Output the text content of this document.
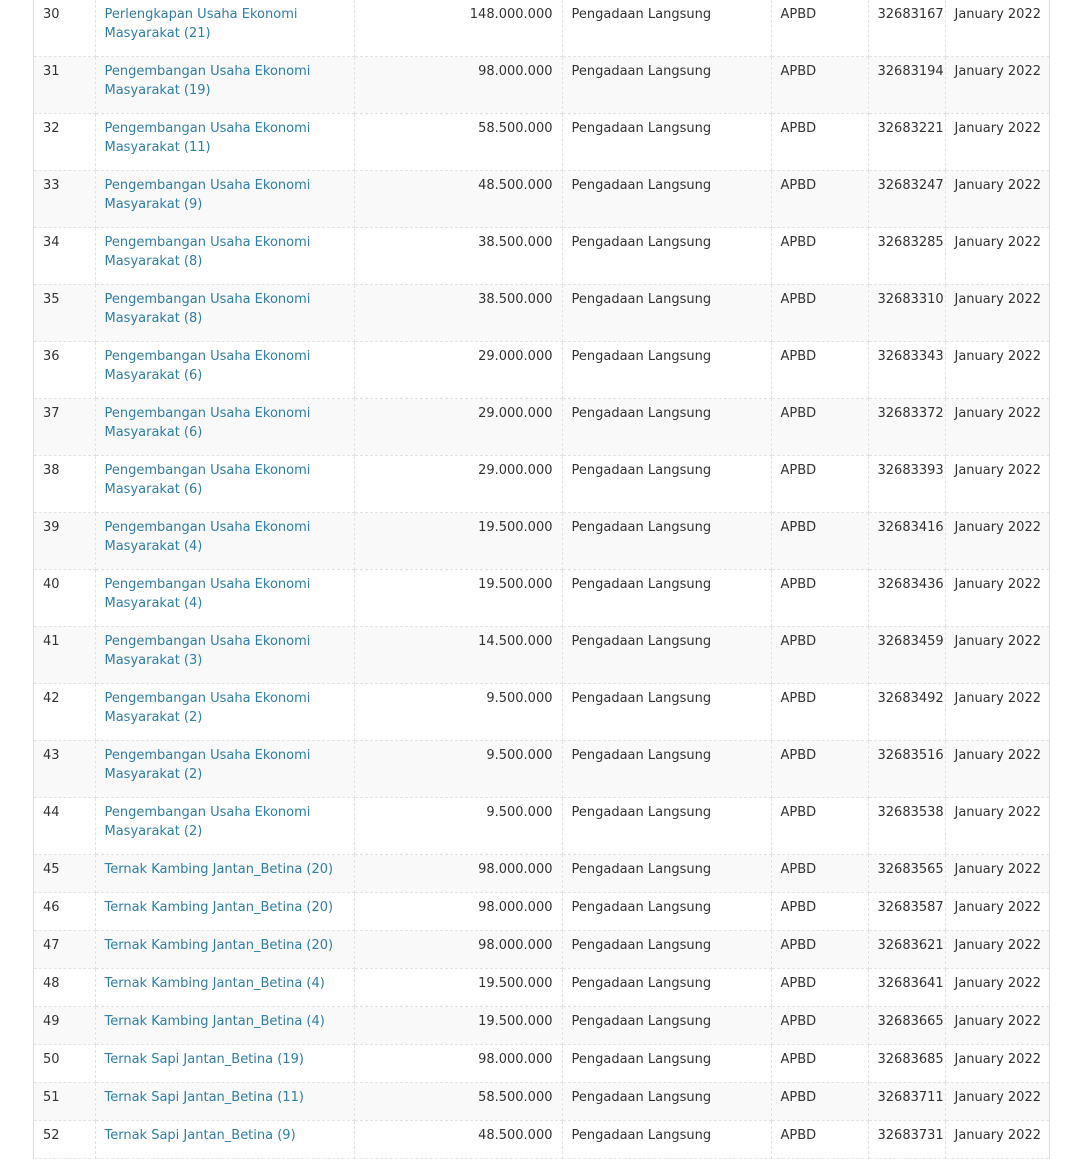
30	Perlengkapan Usaha Ekonomi Masyarakat (21)	148.000.000	Pengadaan Langsung	APBD	32683167	January 2022
31	Pengembangan Usaha Ekonomi Masyarakat (19)	98.000.000	Pengadaan Langsung	APBD	32683194	January 2022
32	Pengembangan Usaha Ekonomi Masyarakat (11)	58.500.000	Pengadaan Langsung	APBD	32683221	January 2022
33	Pengembangan Usaha Ekonomi Masyarakat (9)	48.500.000	Pengadaan Langsung	APBD	32683247	January 2022
34	Pengembangan Usaha Ekonomi Masyarakat (8)	38.500.000	Pengadaan Langsung	APBD	32683285	January 2022
35	Pengembangan Usaha Ekonomi Masyarakat (8)	38.500.000	Pengadaan Langsung	APBD	32683310	January 2022
36	Pengembangan Usaha Ekonomi Masyarakat (6)	29.000.000	Pengadaan Langsung	APBD	32683343	January 2022
37	Pengembangan Usaha Ekonomi Masyarakat (6)	29.000.000	Pengadaan Langsung	APBD	32683372	January 2022
38	Pengembangan Usaha Ekonomi Masyarakat (6)	29.000.000	Pengadaan Langsung	APBD	32683393	January 2022
39	Pengembangan Usaha Ekonomi Masyarakat (4)	19.500.000	Pengadaan Langsung	APBD	32683416	January 2022
40	Pengembangan Usaha Ekonomi Masyarakat (4)	19.500.000	Pengadaan Langsung	APBD	32683436	January 2022
41	Pengembangan Usaha Ekonomi Masyarakat (3)	14.500.000	Pengadaan Langsung	APBD	32683459	January 2022
42	Pengembangan Usaha Ekonomi Masyarakat (2)	9.500.000	Pengadaan Langsung	APBD	32683492	January 2022
43	Pengembangan Usaha Ekonomi Masyarakat (2)	9.500.000	Pengadaan Langsung	APBD	32683516	January 2022
44	Pengembangan Usaha Ekonomi Masyarakat (2)	9.500.000	Pengadaan Langsung	APBD	32683538	January 2022
45	Ternak Kambing Jantan_Betina (20)	98.000.000	Pengadaan Langsung	APBD	32683565	January 2022
46	Ternak Kambing Jantan_Betina (20)	98.000.000	Pengadaan Langsung	APBD	32683587	January 2022
47	Ternak Kambing Jantan_Betina (20)	98.000.000	Pengadaan Langsung	APBD	32683621	January 2022
48	Ternak Kambing Jantan_Betina (4)	19.500.000	Pengadaan Langsung	APBD	32683641	January 2022
49	Ternak Kambing Jantan_Betina (4)	19.500.000	Pengadaan Langsung	APBD	32683665	January 2022
50	Ternak Sapi Jantan_Betina (19)	98.000.000	Pengadaan Langsung	APBD	32683685	January 2022
51	Ternak Sapi Jantan_Betina (11)	58.500.000	Pengadaan Langsung	APBD	32683711	January 2022
52	Ternak Sapi Jantan_Betina (9)	48.500.000	Pengadaan Langsung	APBD	32683731	January 2022
